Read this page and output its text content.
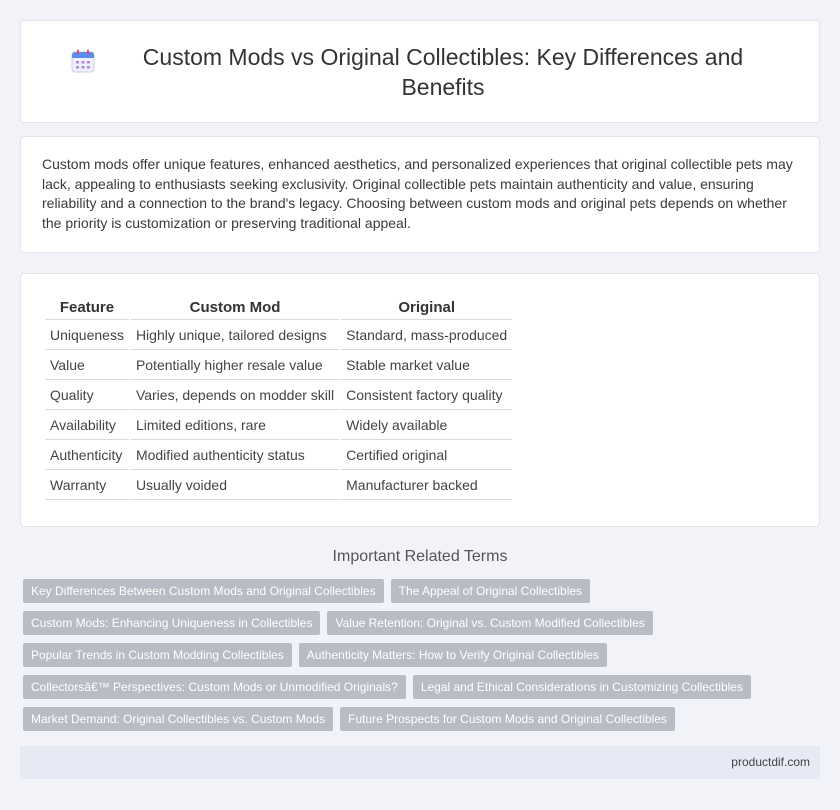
Custom Mods vs Original Collectibles: Key Differences and Benefits

Custom mods offer unique features, enhanced aesthetics, and personalized experiences that original collectible pets may lack, appealing to enthusiasts seeking exclusivity. Original collectible pets maintain authenticity and value, ensuring reliability and a connection to the brand's legacy. Choosing between custom mods and original pets depends on whether the priority is customization or preserving traditional appeal.

Feature	Custom Mod	Original
Uniqueness	Highly unique, tailored designs	Standard, mass-produced
Value	Potentially higher resale value	Stable market value
Quality	Varies, depends on modder skill	Consistent factory quality
Availability	Limited editions, rare	Widely available
Authenticity	Modified authenticity status	Certified original
Warranty	Usually voided	Manufacturer backed
Important Related Terms
Key Differences Between Custom Mods and Original Collectibles	The Appeal of Original Collectibles
Custom Mods: Enhancing Uniqueness in Collectibles	Value Retention: Original vs. Custom Modified Collectibles
Popular Trends in Custom Modding Collectibles	Authenticity Matters: How to Verify Original Collectibles
Collectorsâ€™ Perspectives: Custom Mods or Unmodified Originals?	Legal and Ethical Considerations in Customizing Collectibles
Market Demand: Original Collectibles vs. Custom Mods	Future Prospects for Custom Mods and Original Collectibles
productdif.com
